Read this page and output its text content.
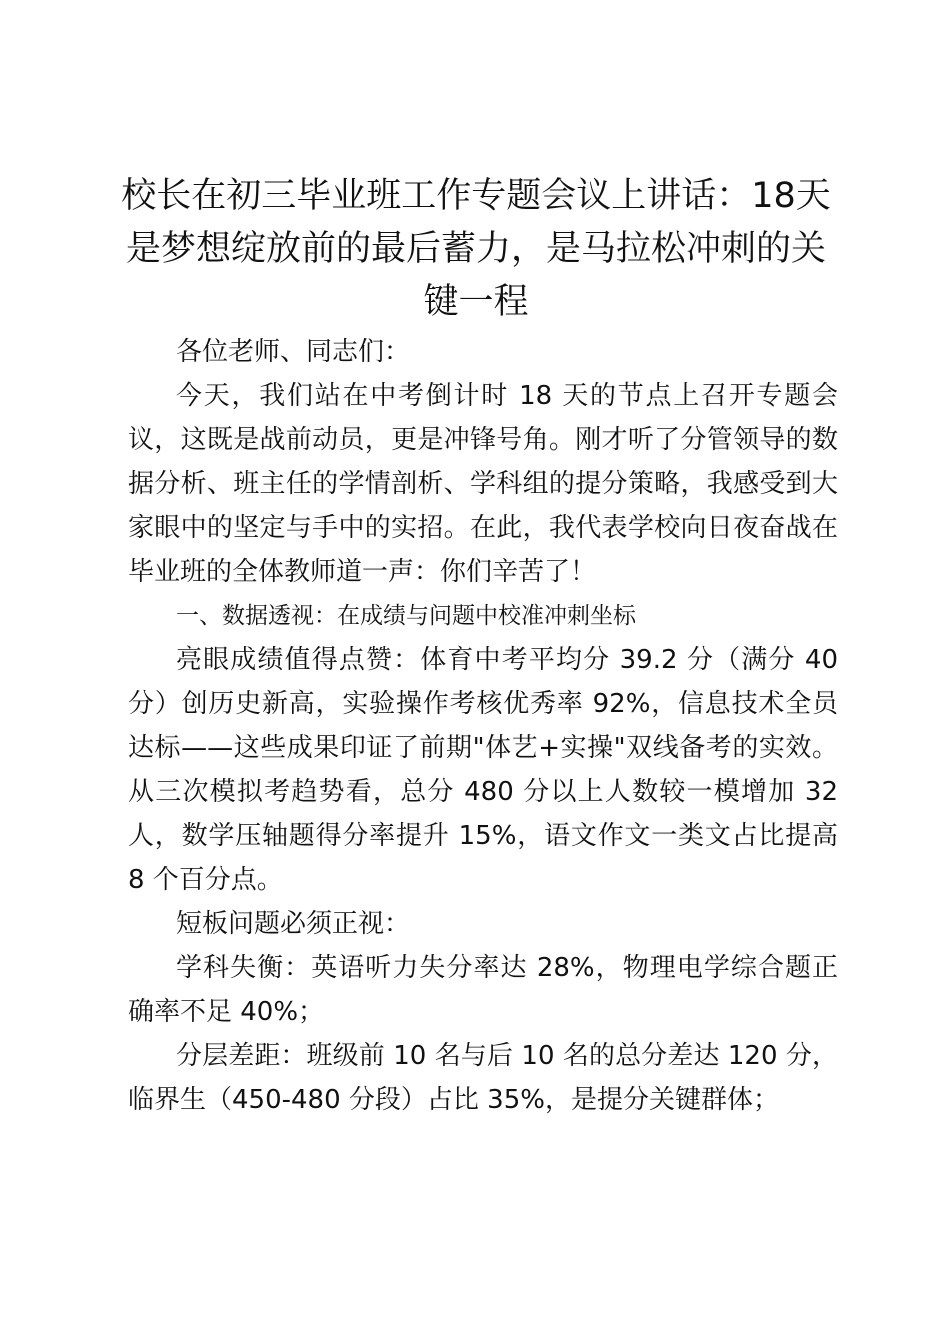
校长在初三毕业班工作专题会议上讲话：18天是梦想绽放前的最后蓄力，是马拉松冲刺的关键一程

各位老师、同志们：

今天，我们站在中考倒计时 18 天的节点上召开专题会议，这既是战前动员，更是冲锋号角。刚才听了分管领导的数据分析、班主任的学情剖析、学科组的提分策略，我感受到大家眼中的坚定与手中的实招。在此，我代表学校向日夜奋战在毕业班的全体教师道一声：你们辛苦了！

一、数据透视：在成绩与问题中校准冲刺坐标

亮眼成绩值得点赞：体育中考平均分 39.2 分（满分 40 分）创历史新高，实验操作考核优秀率 92%，信息技术全员达标——这些成果印证了前期"体艺+实操"双线备考的实效。从三次模拟考趋势看，总分 480 分以上人数较一模增加 32 人，数学压轴题得分率提升 15%，语文作文一类文占比提高 8 个百分点。

短板问题必须正视：

学科失衡：英语听力失分率达 28%，物理电学综合题正确率不足 40%；

分层差距：班级前 10 名与后 10 名的总分差达 120 分，临界生（450-480 分段）占比 35%，是提分关键群体；
